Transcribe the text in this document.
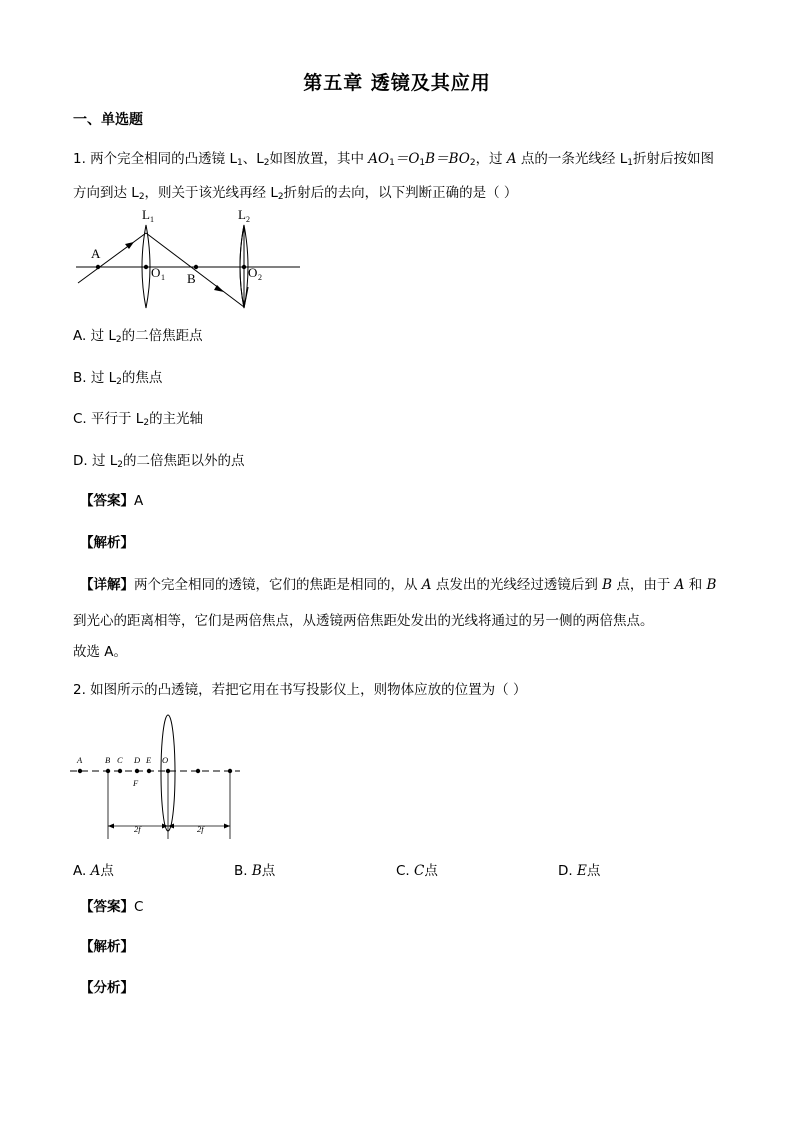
第五章 透镜及其应用
一、单选题
1. 两个完全相同的凸透镜 $L_1$、$L_2$如图放置，其中 $AO_1=O_1B=BO_2$，过 A 点的一条光线经 $L_1$折射后按如图
方向到达 $L_2$，则关于该光线再经 $L_2$折射后的去向，以下判断正确的是（ ）
A
L 1	L 2
O 1 B	O 2
A. 过 $L_2$的二倍焦距点
B. 过 $L_2$的焦点
C. 平行于 $L_2$的主光轴
D. 过 $L_2$的二倍焦距以外的点
【答案】A
【解析】
【详解】两个完全相同的透镜，它们的焦距是相同的，从 A 点发出的光线经过透镜后到 B 点，由于 A 和 B
到光心的距离相等，它们是两倍焦点，从透镜两倍焦距处发出的光线将通过的另一侧的两倍焦点。
故选 A。
2. 如图所示的凸透镜，若把它用在书写投影仪上，则物体应放的位置为（ ）
A	B C D E O
F
2f	2f
A. A点	B. B点	C. C点	D. E点
【答案】C
【解析】
【分析】
